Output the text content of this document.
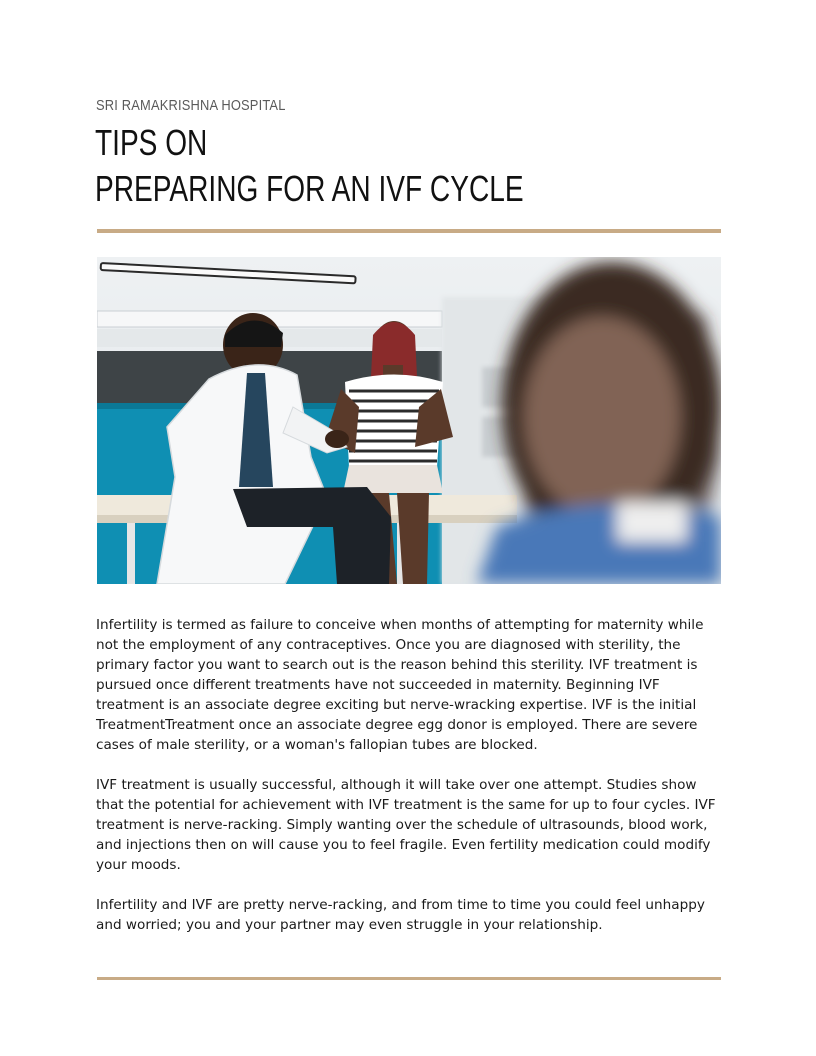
SRI RAMAKRISHNA HOSPITAL
TIPS ON
PREPARING FOR AN IVF CYCLE

Infertility is termed as failure to conceive when months of attempting for maternity while not the employment of any contraceptives. Once you are diagnosed with sterility, the primary factor you want to search out is the reason behind this sterility. IVF treatment is pursued once different treatments have not succeeded in maternity. Beginning IVF treatment is an associate degree exciting but nerve-wracking expertise. IVF is the initial TreatmentTreatment once an associate degree egg donor is employed. There are severe cases of male sterility, or a woman's fallopian tubes are blocked.

IVF treatment is usually successful, although it will take over one attempt. Studies show that the potential for achievement with IVF treatment is the same for up to four cycles. IVF treatment is nerve-racking. Simply wanting over the schedule of ultrasounds, blood work, and injections then on will cause you to feel fragile. Even fertility medication could modify your moods.

Infertility and IVF are pretty nerve-racking, and from time to time you could feel unhappy and worried; you and your partner may even struggle in your relationship.
